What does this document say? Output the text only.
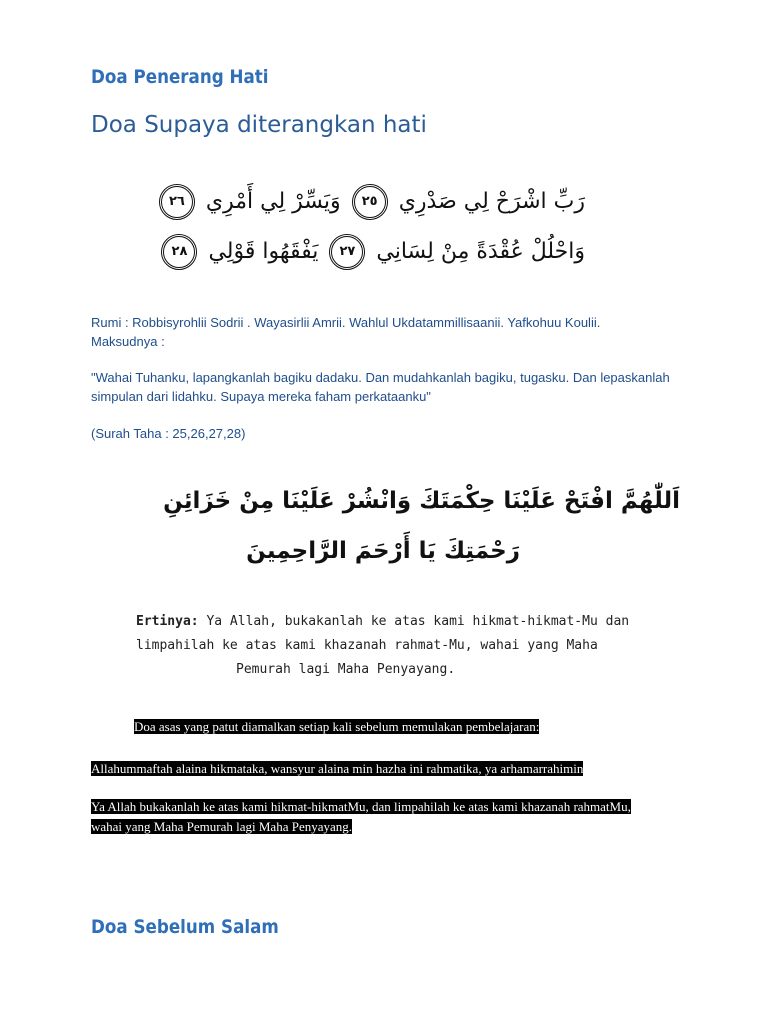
Doa Penerang Hati
Doa Supaya diterangkan hati
رَبِّ اشْرَحْ لِي صَدْرِي ٢٥ وَيَسِّرْ لِي أَمْرِي ٢٦
وَاحْلُلْ عُقْدَةً مِنْ لِسَانِي ٢٧ يَفْقَهُوا قَوْلِي ٢٨
Rumi : Robbisyrohlii Sodrii . Wayasirlii Amrii. Wahlul Ukdatammillisaanii. Yafkohuu Koulii.
Maksudnya :
"Wahai Tuhanku, lapangkanlah bagiku dadaku. Dan mudahkanlah bagiku, tugasku. Dan lepaskanlah simpulan dari lidahku. Supaya mereka faham perkataanku"
(Surah Taha : 25,26,27,28)
اَللّٰهُمَّ افْتَحْ عَلَيْنَا حِكْمَتَكَ وَانْشُرْ عَلَيْنَا مِنْ خَزَائِنِ
رَحْمَتِكَ يَا أَرْحَمَ الرَّاحِمِينَ
Ertinya: Ya Allah, bukakanlah ke atas kami hikmat-hikmat-Mu dan
limpahilah ke atas kami khazanah rahmat-Mu, wahai yang Maha
Pemurah lagi Maha Penyayang.
Doa asas yang patut diamalkan setiap kali sebelum memulakan pembelajaran:
Allahummaftah alaina hikmataka, wansyur alaina min hazha ini rahmatika, ya arhamarrahimin
Ya Allah bukakanlah ke atas kami hikmat-hikmatMu, dan limpahilah ke atas kami khazanah rahmatMu,
wahai yang Maha Pemurah lagi Maha Penyayang.
Doa Sebelum Salam
